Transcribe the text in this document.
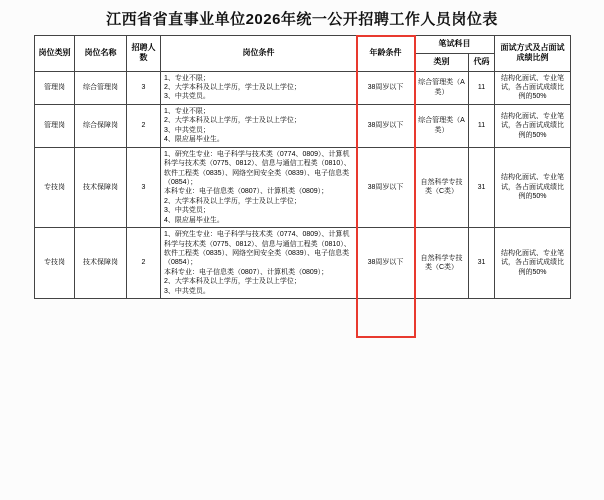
江西省省直事业单位2026年统一公开招聘工作人员岗位表
岗位类别	岗位名称	招聘人数	岗位条件	年龄条件	笔试科目		面试方式及占面试成绩比例
					类别	代码	
管理岗	综合管理岗	3	1、专业不限；
2、大学本科及以上学历，学士及以上学位；
3、中共党员。	38周岁以下	综合管理类（A类）	11	结构化面试、专业笔试，各占面试成绩比例的50%
管理岗	综合保障岗	2	1、专业不限；
2、大学本科及以上学历，学士及以上学位；
3、中共党员；
4、限应届毕业生。	38周岁以下	综合管理类（A类）	11	结构化面试、专业笔试，各占面试成绩比例的50%
专技岗	技术保障岗	3	1、研究生专业：电子科学与技术类（0774、0809）、计算机科学与技术类（0775、0812）、信息与通信工程类（0810）、软件工程类（0835）、网络空间安全类（0839）、电子信息类（0854）；
本科专业：电子信息类（0807）、计算机类（0809）；
2、大学本科及以上学历，学士及以上学位；
3、中共党员；
4、限应届毕业生。	38周岁以下	自然科学专技类（C类）	31	结构化面试、专业笔试，各占面试成绩比例的50%
专技岗	技术保障岗	2	1、研究生专业：电子科学与技术类（0774、0809）、计算机科学与技术类（0775、0812）、信息与通信工程类（0810）、软件工程类（0835）、网络空间安全类（0839）、电子信息类（0854）；
本科专业：电子信息类（0807）、计算机类（0809）；
2、大学本科及以上学历，学士及以上学位；
3、中共党员。	38周岁以下	自然科学专技类（C类）	31	结构化面试、专业笔试，各占面试成绩比例的50%
